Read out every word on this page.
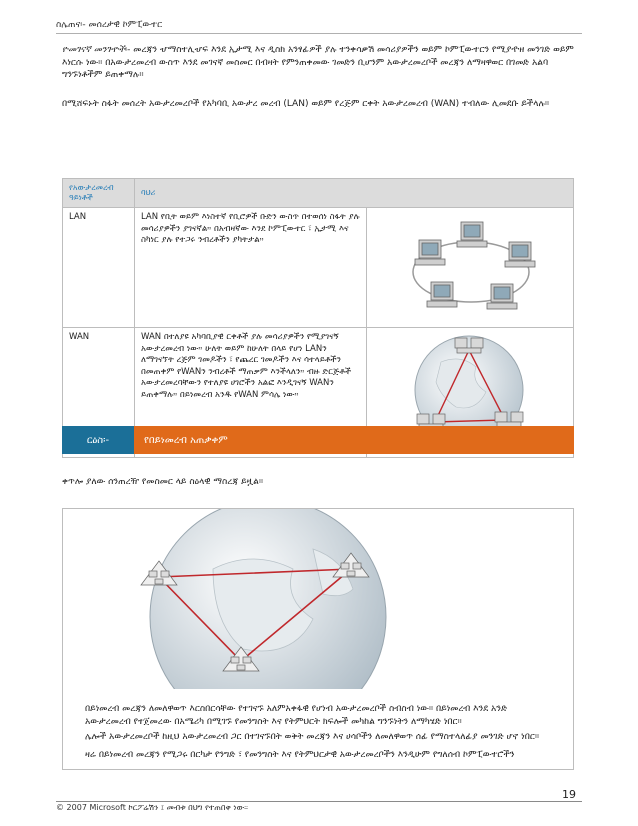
ስሌጠና፡- መሰረታዊ ኮምፒውተር
ዮመገናኛ መንገዯች፡- መረጃን ሇማስተሊሇፍ እንደ ኢታሚ እና ዲስክ አንፃፊዎች ያሉ ተንቀሳቃሽ መሳሪያዎችን ወይም ኮምፒውተርን የሚያዯዘ መንገድ ወይም እነርሱ ነው። በአውታረመረብ ውስጥ እንደ መገናኛ መስመር በብዛት የምንጠቀመው ገመድን ቢሆንም አውታረመረቦች መረጃን ለማዛዋወር በገመድ አልባ ግንኙነቶችም ይጠቀማሉ።
በሚሸፍኑት ስፋት መሰረት አውታረመረቦች የአካባቢ አውታረ መረብ (LAN) ወይም የረጅም ርቀት አውታረመረብ (WAN) ተብለው ሊመደቡ ይችላሉ።
የአውታረመረብ ዓይነቶች	ባህሪ	
LAN	LAN የቢት ወይም እነስተኛ የቢሮዎች ቡድን ውስጥ በተወሰነ ስፋት ያሉ መሳሪያዎችን ያገናኛል። በአብዛኛው እንደ ኮምፒውተር ፣ ኢታሚ እና ስካነር ያሉ የተጋሩ ንብረቶችን ያካትታል።	
WAN	WAN በተለያዩ አካባቢያዊ ርቀቶች ያሉ መሳሪያዎችን የሚያገናኝ አውታረመረብ ነው። ሁለት ወይም ከሁለት በላይ የሆነ LANን ለማገናኘት ረጅም ገመዶችን ፣ የጨረር ገመዶችን እና ሳተላይቶችን በመጠቀም የWANን ንብረቶች ማጠቃም እንችላለን። ብዙ ድርጅቶች አውታረመረባቸውን የተለያዩ ሀገሮችን አልፎ እንዲገናኝ WANን ይጠቀማሉ። በይነመረብ አንዱ የWAN ምሳሌ ነው።	
ርዕስ፡-	የበይነመረብ አጠቃቀም
ቀጥሎ ያለው ሰንጠረዥ የመስመር ላይ ስዕላዊ ማስረጃ ይዟል።
በይነመረብ መረጃን ለመለዋወጥ እርስበርሳቸው የተገናኙ አለምአቀፋዊ የሆነብ አውታረመረቦች ስብስብ ነው። በይነመረብ እንደ አንድ አውታረመረብ የተጀመረው በአሜሪካ በሚገኙ የመንግስት እና የትምህርት ክፍሎች መካከል ግንኙነትን ለማካሄድ ነበር።
ሌሎች አውታረመረቦች ከዚህ አውታረመረብ ጋር በተገናኙበት ወቅት መረጃን እና ሀሳቦችን ለመለዋወጥ ሰፊ የማስተላለፊያ መንገድ ሆኖ ነበር።
ዛሬ በይነመረብ መረጃን የሚጋሩ በርካታ የንግድ ፣ የመንግስት እና የትምህርታዊ አውታረመረቦችን እንዲሁም የግለሰብ ኮምፒውተሮችን
19
© 2007 Microsoft ኮርፖሬሽን ፤ መብቱ በህግ የተጠበቀ ነው።
